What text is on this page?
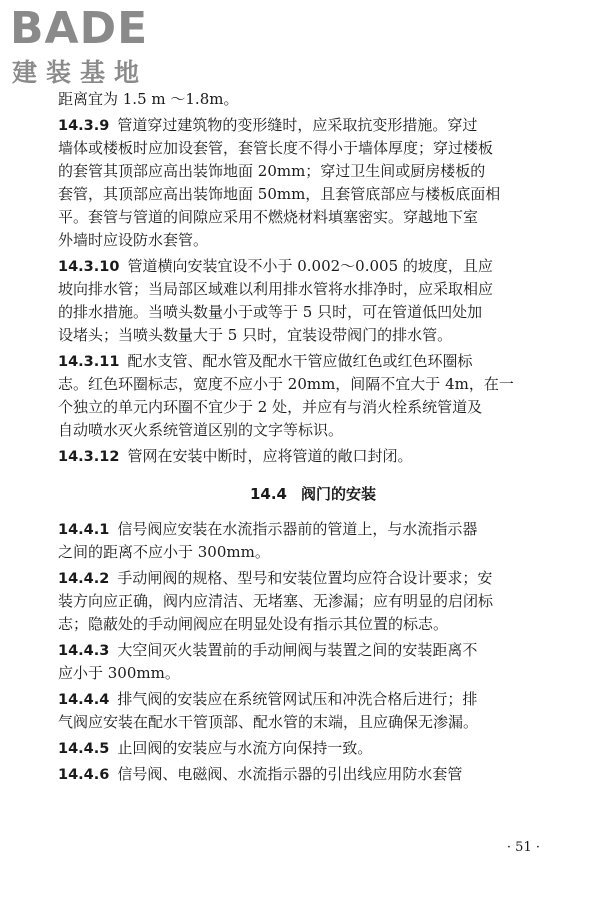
BADE
建装基地
距离宜为 1.5 m ～1.8m。
14.3.9 管道穿过建筑物的变形缝时，应采取抗变形措施。穿过
墙体或楼板时应加设套管，套管长度不得小于墙体厚度；穿过楼板
的套管其顶部应高出装饰地面 20mm；穿过卫生间或厨房楼板的
套管，其顶部应高出装饰地面 50mm，且套管底部应与楼板底面相
平。套管与管道的间隙应采用不燃烧材料填塞密实。穿越地下室
外墙时应设防水套管。
14.3.10 管道横向安装宜设不小于 0.002～0.005 的坡度，且应
坡向排水管；当局部区域难以利用排水管将水排净时，应采取相应
的排水措施。当喷头数量小于或等于 5 只时，可在管道低凹处加
设堵头；当喷头数量大于 5 只时，宜装设带阀门的排水管。
14.3.11 配水支管、配水管及配水干管应做红色或红色环圈标
志。红色环圈标志，宽度不应小于 20mm，间隔不宜大于 4m，在一
个独立的单元内环圈不宜少于 2 处，并应有与消火栓系统管道及
自动喷水灭火系统管道区别的文字等标识。
14.3.12 管网在安装中断时，应将管道的敞口封闭。
14.4 阀门的安装
14.4.1 信号阀应安装在水流指示器前的管道上，与水流指示器
之间的距离不应小于 300mm。
14.4.2 手动闸阀的规格、型号和安装位置均应符合设计要求；安
装方向应正确，阀内应清洁、无堵塞、无渗漏；应有明显的启闭标
志；隐蔽处的手动闸阀应在明显处设有指示其位置的标志。
14.4.3 大空间灭火装置前的手动闸阀与装置之间的安装距离不
应小于 300mm。
14.4.4 排气阀的安装应在系统管网试压和冲洗合格后进行；排
气阀应安装在配水干管顶部、配水管的末端，且应确保无渗漏。
14.4.5 止回阀的安装应与水流方向保持一致。
14.4.6 信号阀、电磁阀、水流指示器的引出线应用防水套管
· 51 ·
